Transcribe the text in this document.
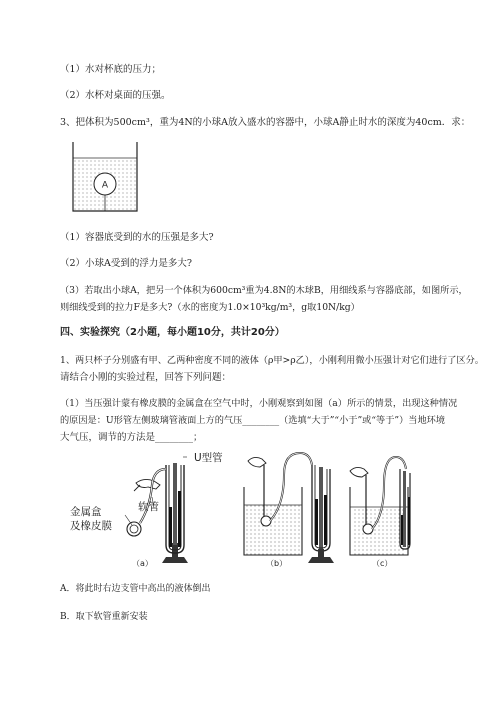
（1）水对杯底的压力；
（2）水杯对桌面的压强。
3、把体积为500cm³，重为4N的小球A放入盛水的容器中，小球A静止时水的深度为40cm．求：
A
（1）容器底受到的水的压强是多大?
（2）小球A受到的浮力是多大?
（3）若取出小球A，把另一个体积为600cm³重为4.8N的木球B，用细线系与容器底部，如图所示，
则细线受到的拉力F是多大?（水的密度为1.0×10³kg/m³，g取10N/kg）
四、实验探究（2小题，每小题10分，共计20分）
1、两只杯子分别盛有甲、乙两种密度不同的液体（ρ甲>ρ乙），小刚利用微小压强计对它们进行了区分。
请结合小刚的实验过程，回答下列问题：
（1）当压强计蒙有橡皮膜的金属盒在空气中时，小刚观察到如图（a）所示的情景，出现这种情况
的原因是：U形管左侧玻璃管液面上方的气压________（选填“大于”“小于”或“等于”）当地环境
大气压，调节的方法是________；
U型管
软管
金属盒
及橡皮膜
（a）	（b）	（c）
A．将此时右边支管中高出的液体倒出
B．取下软管重新安装
